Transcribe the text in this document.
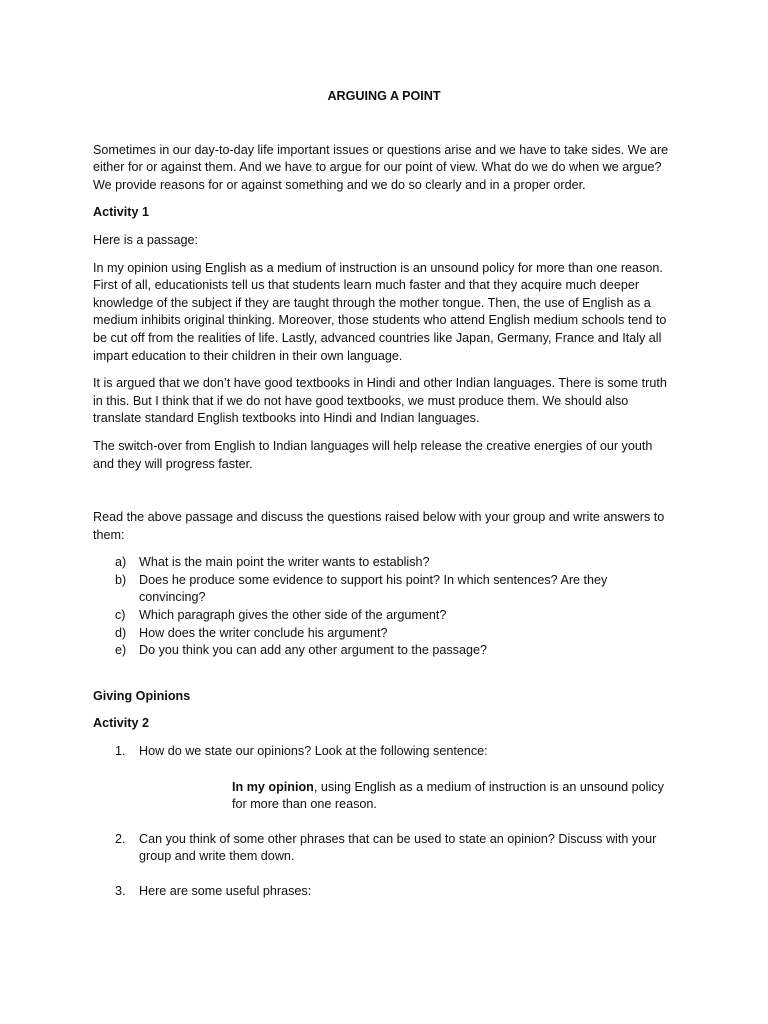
ARGUING A POINT

Sometimes in our day-to-day life important issues or questions arise and we have to take sides. We are either for or against them. And we have to argue for our point of view. What do we do when we argue? We provide reasons for or against something and we do so clearly and in a proper order.

Activity 1

Here is a passage:

In my opinion using English as a medium of instruction is an unsound policy for more than one reason. First of all, educationists tell us that students learn much faster and that they acquire much deeper knowledge of the subject if they are taught through the mother tongue. Then, the use of English as a medium inhibits original thinking. Moreover, those students who attend English medium schools tend to be cut off from the realities of life. Lastly, advanced countries like Japan, Germany, France and Italy all impart education to their children in their own language.

It is argued that we don’t have good textbooks in Hindi and other Indian languages. There is some truth in this. But I think that if we do not have good textbooks, we must produce them. We should also translate standard English textbooks into Hindi and Indian languages.

The switch-over from English to Indian languages will help release the creative energies of our youth and they will progress faster.

Read the above passage and discuss the questions raised below with your group and write answers to them:

a) What is the main point the writer wants to establish?
b) Does he produce some evidence to support his point? In which sentences? Are they convincing?
c) Which paragraph gives the other side of the argument?
d) How does the writer conclude his argument?
e) Do you think you can add any other argument to the passage?
Giving Opinions
Activity 2
1. How do we state our opinions? Look at the following sentence:
In my opinion, using English as a medium of instruction is an unsound policy for more than one reason.
2. Can you think of some other phrases that can be used to state an opinion? Discuss with your group and write them down.
3. Here are some useful phrases:
